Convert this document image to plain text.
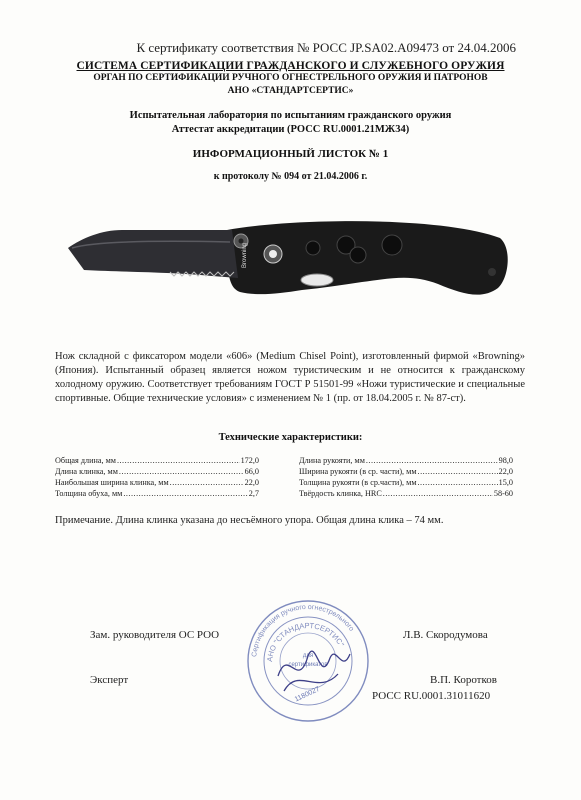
К сертификату соответствия № РОСС JP.SA02.A09473 от 24.04.2006
СИСТЕМА СЕРТИФИКАЦИИ ГРАЖДАНСКОГО И СЛУЖЕБНОГО ОРУЖИЯ
ОРГАН ПО СЕРТИФИКАЦИИ РУЧНОГО ОГНЕСТРЕЛЬНОГО ОРУЖИЯ И ПАТРОНОВ
АНО «СТАНДАРТСЕРТИС»
Испытательная лаборатория по испытаниям гражданского оружия
Аттестат аккредитации (РОСС RU.0001.21МЖ34)
ИНФОРМАЦИОННЫЙ ЛИСТОК № 1
к протоколу № 094 от 21.04.2006 г.
Browning
Нож складной с фиксатором модели «606» (Medium Chisel Point), изготовленный фирмой «Browning» (Япония). Испытанный образец является ножом туристическим и не относится к гражданскому холодному оружию. Соответствует требованиям ГОСТ Р 51501-99 «Ножи туристические и специальные спортивные. Общие технические условия» с изменением № 1 (пр. от 18.04.2005 г. № 87-ст).
Технические характеристики:
Общая длина, мм .....	172,0
Длина клинка, мм .....	66,0
Наибольшая ширина клинка, мм .....	22,0
Толщина обуха, мм .....	2,7
Длина рукояти, мм .....	98,0
Ширина рукояти (в ср. части), мм .....	22,0
Толщина рукояти (в ср.части), мм .....	15,0
Твёрдость клинка, HRC .....	58-60
Примечание. Длина клинка указана до несъёмного упора. Общая длина клика – 74 мм.
Сертификация ручного огнестрельного
АНО "СТАНДАРТСЕРТИС"
для
сертификатов
1180027
Зам. руководителя ОС РОО	Л.В. Скородумова
Эксперт	В.П. Коротков
РОСС RU.0001.31011620
